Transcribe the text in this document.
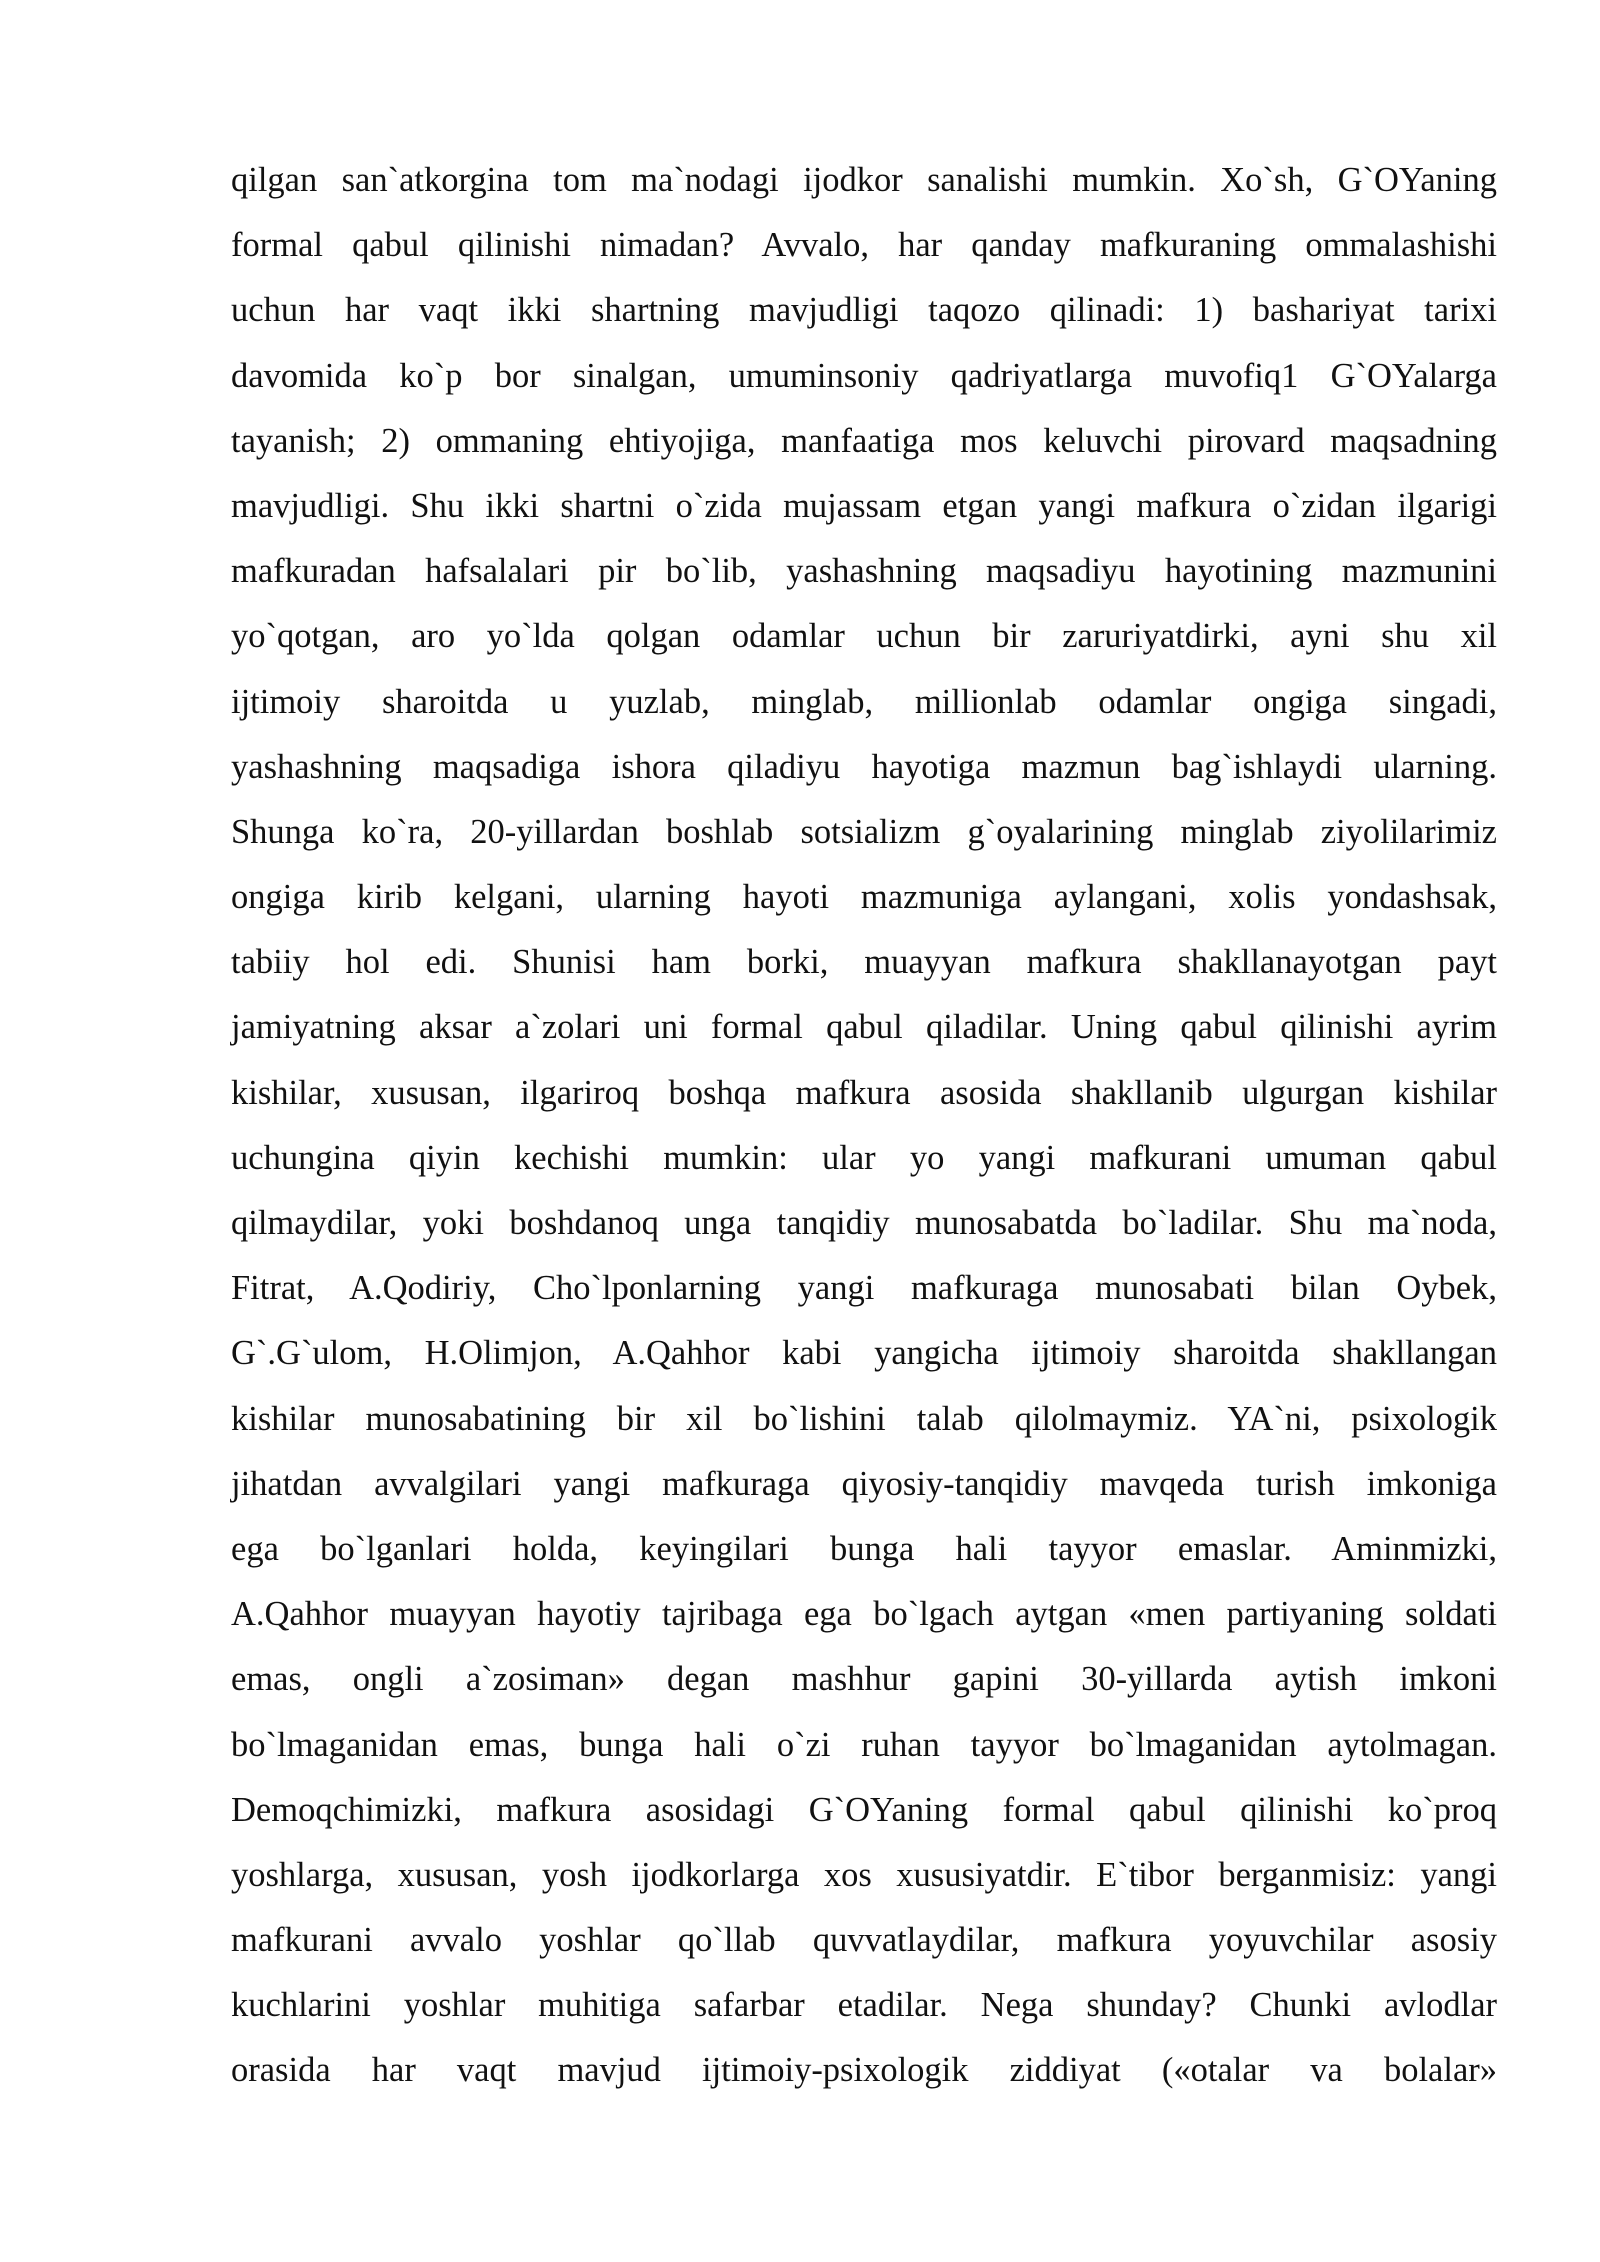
qilgan san`atkorgina tom ma`nodagi ijodkor sanalishi mumkin. Xo`sh, G`OYaning
formal qabul qilinishi nimadan? Avvalo, har qanday mafkuraning ommalashishi
uchun har vaqt ikki shartning mavjudligi taqozo qilinadi: 1) bashariyat tarixi
davomida ko`p bor sinalgan, umuminsoniy qadriyatlarga muvofiq1 G`OYalarga
tayanish; 2) ommaning ehtiyojiga, manfaatiga mos keluvchi pirovard maqsadning
mavjudligi. Shu ikki shartni o`zida mujassam etgan yangi mafkura o`zidan ilgarigi
mafkuradan hafsalalari pir bo`lib, yashashning maqsadiyu hayotining mazmunini
yo`qotgan, aro yo`lda qolgan odamlar uchun bir zaruriyatdirki, ayni shu xil
ijtimoiy sharoitda u yuzlab, minglab, millionlab odamlar ongiga singadi,
yashashning maqsadiga ishora qiladiyu hayotiga mazmun bag`ishlaydi ularning.
Shunga ko`ra, 20-yillardan boshlab sotsializm g`oyalarining minglab ziyolilarimiz
ongiga kirib kelgani, ularning hayoti mazmuniga aylangani, xolis yondashsak,
tabiiy hol edi. Shunisi ham borki, muayyan mafkura shakllanayotgan payt
jamiyatning aksar a`zolari uni formal qabul qiladilar. Uning qabul qilinishi ayrim
kishilar, xususan, ilgariroq boshqa mafkura asosida shakllanib ulgurgan kishilar
uchungina qiyin kechishi mumkin: ular yo yangi mafkurani umuman qabul
qilmaydilar, yoki boshdanoq unga tanqidiy munosabatda bo`ladilar. Shu ma`noda,
Fitrat, A.Qodiriy, Cho`lponlarning yangi mafkuraga munosabati bilan Oybek,
G`.G`ulom, H.Olimjon, A.Qahhor kabi yangicha ijtimoiy sharoitda shakllangan
kishilar munosabatining bir xil bo`lishini talab qilolmaymiz. YA`ni, psixologik
jihatdan avvalgilari yangi mafkuraga qiyosiy-tanqidiy mavqeda turish imkoniga
ega bo`lganlari holda, keyingilari bunga hali tayyor emaslar. Aminmizki,
A.Qahhor muayyan hayotiy tajribaga ega bo`lgach aytgan «men partiyaning soldati
emas, ongli a`zosiman» degan mashhur gapini 30-yillarda aytish imkoni
bo`lmaganidan emas, bunga hali o`zi ruhan tayyor bo`lmaganidan aytolmagan.
Demoqchimizki, mafkura asosidagi G`OYaning formal qabul qilinishi ko`proq
yoshlarga, xususan, yosh ijodkorlarga xos xususiyatdir. E`tibor berganmisiz: yangi
mafkurani avvalo yoshlar qo`llab quvvatlaydilar, mafkura yoyuvchilar asosiy
kuchlarini yoshlar muhitiga safarbar etadilar. Nega shunday? Chunki avlodlar
orasida har vaqt mavjud ijtimoiy-psixologik ziddiyat («otalar va bolalar»
